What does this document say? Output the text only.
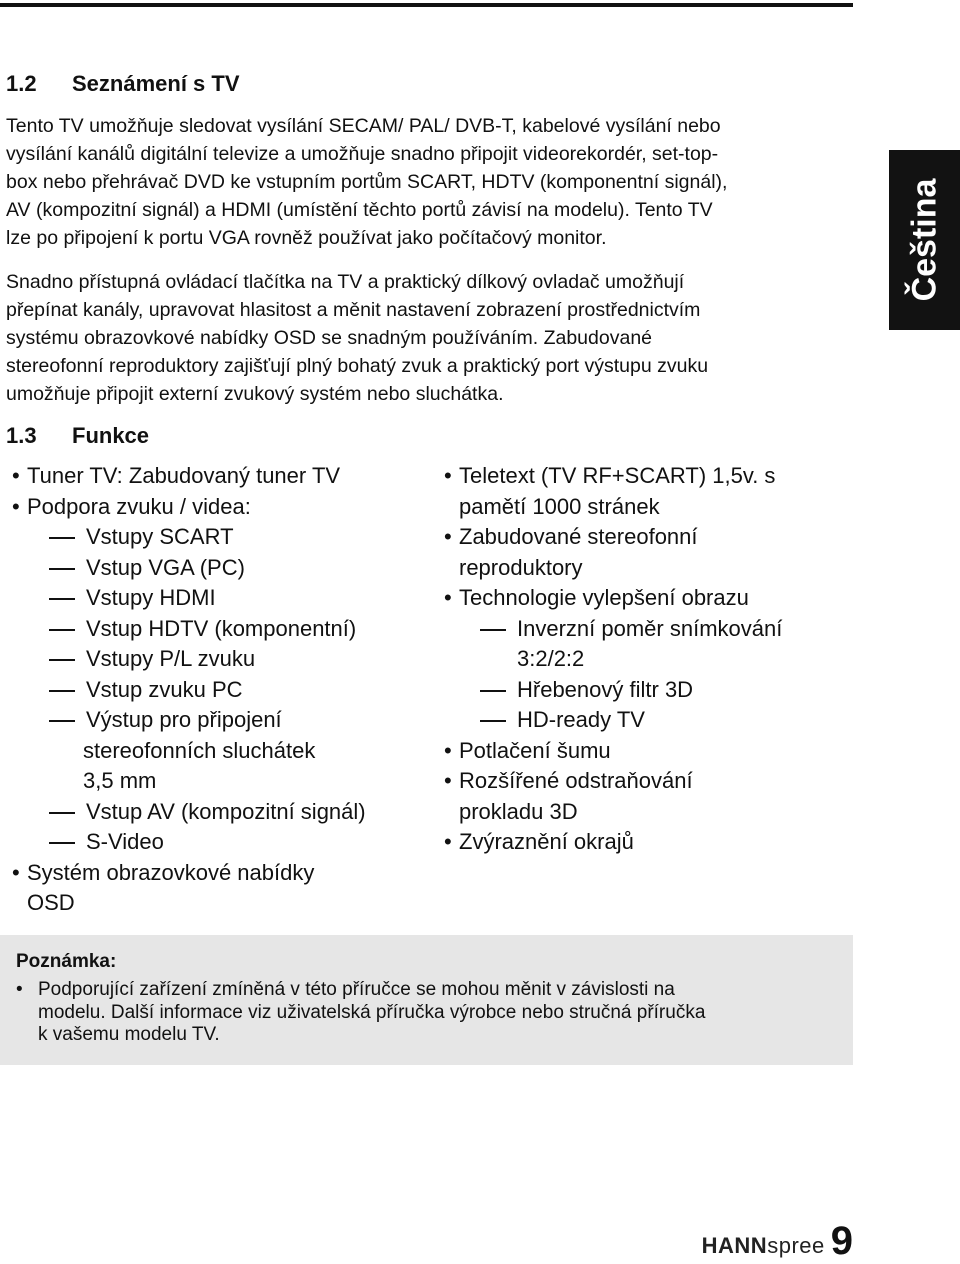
1.2 Seznámení s TV
Tento TV umožňuje sledovat vysílání SECAM/ PAL/ DVB-T, kabelové vysílání nebo
vysílání kanálů digitální televize a umožňuje snadno připojit videorekordér, set-top-
box nebo přehrávač DVD ke vstupním portům SCART, HDTV (komponentní signál),
AV (kompozitní signál) a HDMI (umístění těchto portů závisí na modelu). Tento TV
lze po připojení k portu VGA rovněž používat jako počítačový monitor.
Snadno přístupná ovládací tlačítka na TV a praktický dílkový ovladač umožňují
přepínat kanály, upravovat hlasitost a měnit nastavení zobrazení prostřednictvím
systému obrazovkové nabídky OSD se snadným používáním. Zabudované
stereofonní reproduktory zajišťují plný bohatý zvuk a praktický port výstupu zvuku
umožňuje připojit externí zvukový systém nebo sluchátka.
Čeština
1.3 Funkce
• Tuner TV: Zabudovaný tuner TV
• Podpora zvuku / videa:
Vstupy SCART
Vstup VGA (PC)
Vstupy HDMI
Vstup HDTV (komponentní)
Vstupy P/L zvuku
Vstup zvuku PC
Výstup pro připojení
stereofonních sluchátek
3,5 mm
Vstup AV (kompozitní signál)
S-Video
• Systém obrazovkové nabídky
OSD
• Teletext (TV RF+SCART) 1,5v. s
pamětí 1000 stránek
• Zabudované stereofonní
reproduktory
• Technologie vylepšení obrazu
Inverzní poměr snímkování
3:2/2:2
Hřebenový filtr 3D
HD-ready TV
• Potlačení šumu
• Rozšířené odstraňování
prokladu 3D
• Zvýraznění okrajů
Poznámka:
• Podporující zařízení zmíněná v této příručce se mohou měnit v závislosti na
modelu. Další informace viz uživatelská příručka výrobce nebo stručná příručka
k vašemu modelu TV.
HANNspree 9
